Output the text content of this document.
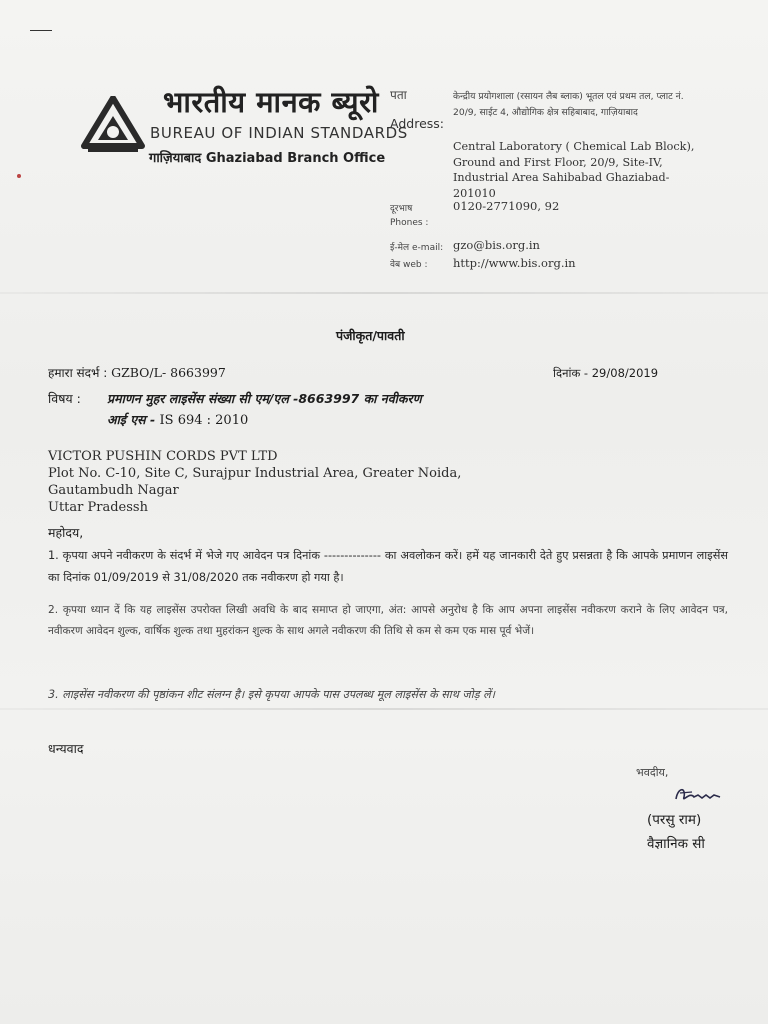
भारतीय मानक ब्यूरो
BUREAU OF INDIAN STANDARDS
गाज़ियाबाद Ghaziabad Branch Office
पता
Address:
केन्द्रीय प्रयोगशाला (रसायन लैब ब्लाक) भूतल एवं प्रथम तल, प्लाट नं. 20/9, साईट 4, औद्योगिक क्षेत्र सहिबाबाद, गाज़ियाबाद
Central Laboratory ( Chemical Lab Block), Ground and First Floor, 20/9, Site-IV, Industrial Area Sahibabad Ghaziabad-201010
दूरभाष
Phones :
0120-2771090, 92
ई-मेल e-mail: gzo@bis.org.in
वेब web : http://www.bis.org.in
पंजीकृत/पावती
हमारा संदर्भ : GZBO/L- 8663997	दिनांक - 29/08/2019
विषय : प्रमाणन मुहर लाइसेंस संख्या सी एम/एल -8663997 का नवीकरण
आई एस - IS 694 : 2010
VICTOR PUSHIN CORDS PVT LTD
Plot No. C-10, Site C, Surajpur Industrial Area, Greater Noida,
Gautambudh Nagar
Uttar Pradessh
महोदय,
1. कृपया अपने नवीकरण के संदर्भ में भेजे गए आवेदन पत्र दिनांक -------------- का अवलोकन करें। हमें यह जानकारी देते हुए प्रसन्नता है कि आपके प्रमाणन लाइसेंस का दिनांक 01/09/2019 से 31/08/2020 तक नवीकरण हो गया है।
2. कृपया ध्यान दें कि यह लाइसेंस उपरोक्त लिखी अवधि के बाद समाप्त हो जाएगा, अंत: आपसे अनुरोध है कि आप अपना लाइसेंस नवीकरण कराने के लिए आवेदन पत्र, नवीकरण आवेदन शुल्क, वार्षिक शुल्क तथा मुहरांकन शुल्क के साथ अगले नवीकरण की तिथि से कम से कम एक मास पूर्व भेजें।
3. लाइसेंस नवीकरण की पृष्ठांकन शीट संलग्न है। इसे कृपया आपके पास उपलब्ध मूल लाइसेंस के साथ जोड़ लें।
धन्यवाद
भवदीय,
(परसु राम)
वैज्ञानिक सी
